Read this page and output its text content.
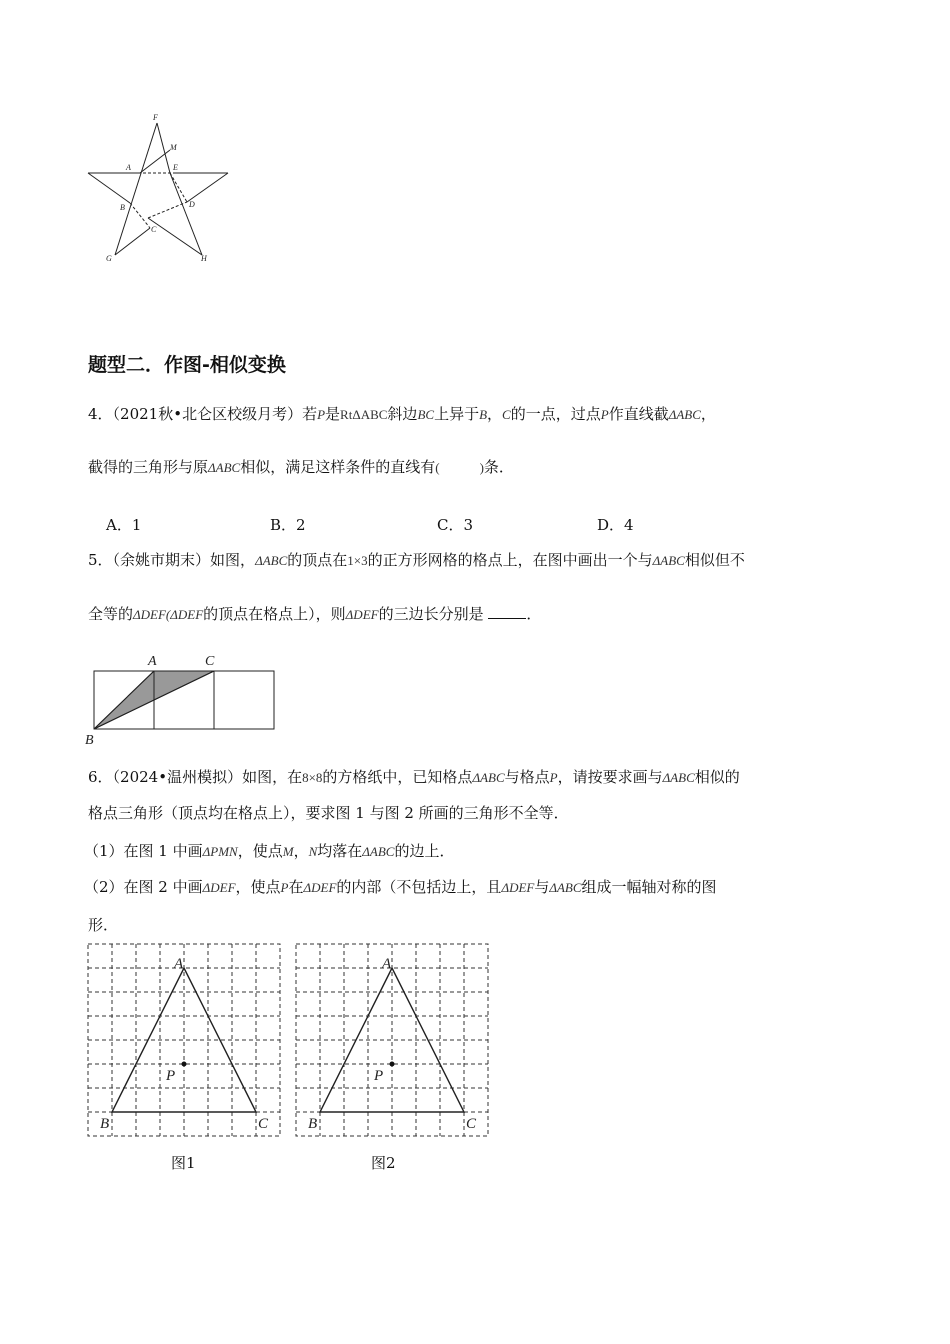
F
M
A	E
B	D
C
G	H
题型二．作图-相似变换
4．（2021秋•北仑区校级月考）若P是RtΔABC斜边BC上异于B，C的一点，过点P作直线截ΔABC，
截得的三角形与原ΔABC相似，满足这样条件的直线有(	)条．
A．1	B．2	C．3	D．4
5．（余姚市期末）如图，ΔABC的顶点在1×3的正方形网格的格点上，在图中画出一个与ΔABC相似但不
全等的ΔDEF(ΔDEF的顶点在格点上），则ΔDEF的三边长分别是	．
A	C
B
6．（2024•温州模拟）如图，在8×8的方格纸中，已知格点ΔABC与格点P，请按要求画与ΔABC相似的
格点三角形（顶点均在格点上），要求图 1 与图 2 所画的三角形不全等．
（1）在图 1 中画ΔPMN，使点M，N均落在ΔABC的边上．
（2）在图 2 中画ΔDEF，使点P在ΔDEF的内部（不包括边上，且ΔDEF与ΔABC组成一幅轴对称的图
形．
A
P
B	C
图1
A
P
B	C
图2
